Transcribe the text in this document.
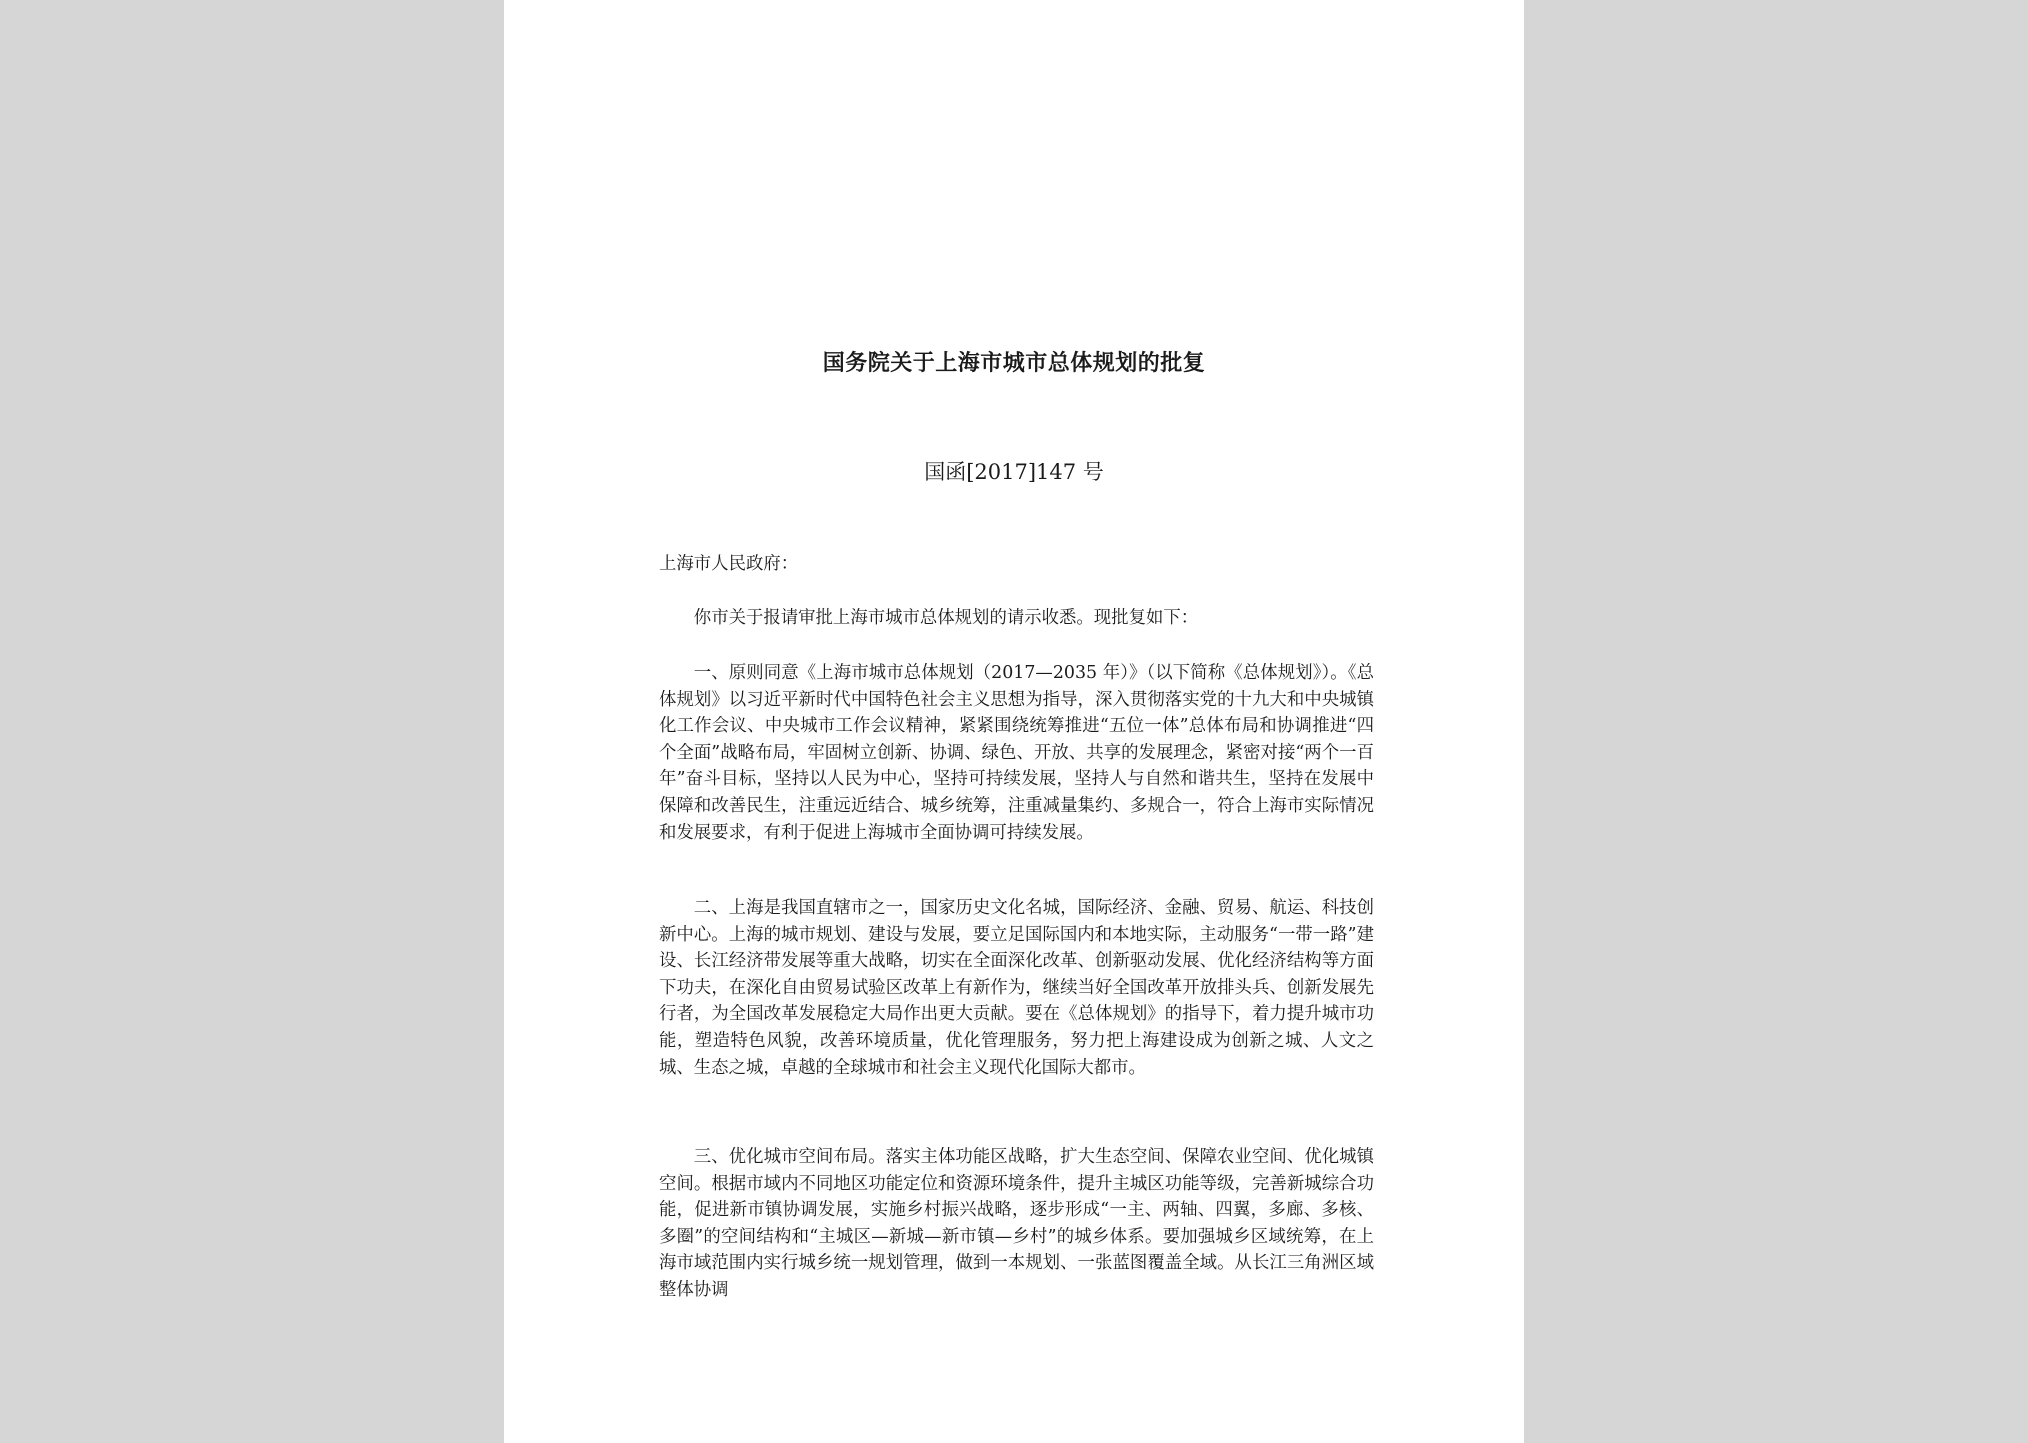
国务院关于上海市城市总体规划的批复
国函[2017]147 号
上海市人民政府：

你市关于报请审批上海市城市总体规划的请示收悉。现批复如下：

一、原则同意《上海市城市总体规划（2017—2035 年）》（以下简称《总体规划》）。《总体规划》以习近平新时代中国特色社会主义思想为指导，深入贯彻落实党的十九大和中央城镇化工作会议、中央城市工作会议精神，紧紧围绕统筹推进“五位一体”总体布局和协调推进“四个全面”战略布局，牢固树立创新、协调、绿色、开放、共享的发展理念，紧密对接“两个一百年”奋斗目标，坚持以人民为中心，坚持可持续发展，坚持人与自然和谐共生，坚持在发展中保障和改善民生，注重远近结合、城乡统筹，注重减量集约、多规合一，符合上海市实际情况和发展要求，有利于促进上海城市全面协调可持续发展。

二、上海是我国直辖市之一，国家历史文化名城，国际经济、金融、贸易、航运、科技创新中心。上海的城市规划、建设与发展，要立足国际国内和本地实际，主动服务“一带一路”建设、长江经济带发展等重大战略，切实在全面深化改革、创新驱动发展、优化经济结构等方面下功夫，在深化自由贸易试验区改革上有新作为，继续当好全国改革开放排头兵、创新发展先行者，为全国改革发展稳定大局作出更大贡献。要在《总体规划》的指导下，着力提升城市功能，塑造特色风貌，改善环境质量，优化管理服务，努力把上海建设成为创新之城、人文之城、生态之城，卓越的全球城市和社会主义现代化国际大都市。

三、优化城市空间布局。落实主体功能区战略，扩大生态空间、保障农业空间、优化城镇空间。根据市域内不同地区功能定位和资源环境条件，提升主城区功能等级，完善新城综合功能，促进新市镇协调发展，实施乡村振兴战略，逐步形成“一主、两轴、四翼，多廊、多核、多圈”的空间结构和“主城区—新城—新市镇—乡村”的城乡体系。要加强城乡区域统筹，在上海市域范围内实行城乡统一规划管理，做到一本规划、一张蓝图覆盖全域。从长江三角洲区域整体协调
